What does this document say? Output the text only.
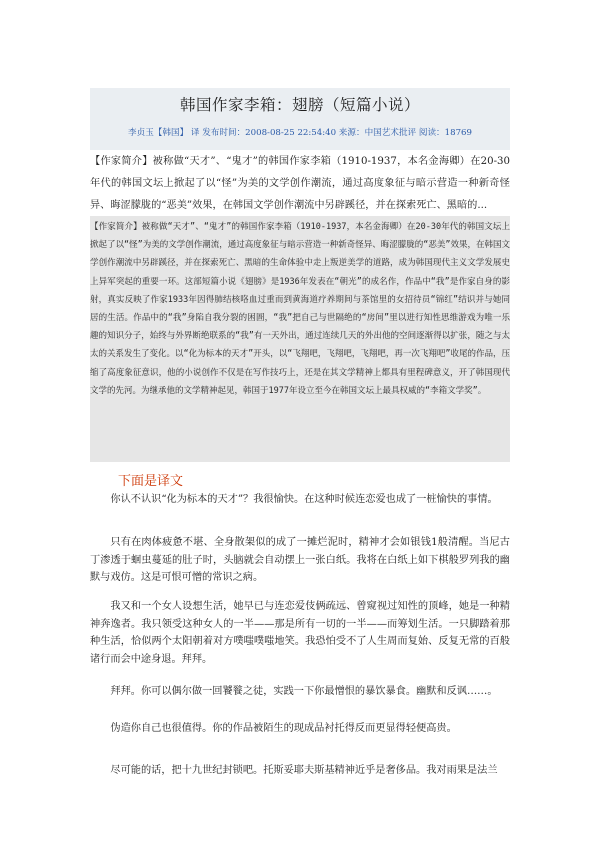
韩国作家李箱：翅膀（短篇小说）
李贞玉【韩国】 译 发布时间：2008-08-25 22:54:40 来源：中国艺术批评 阅读：18769
【作家简介】被称做“天才”、“鬼才”的韩国作家李箱（1910-1937，本名金海卿）在20-30年代的韩国文坛上掀起了以“怪”为美的文学创作潮流，通过高度象征与暗示营造一种新奇怪异、晦涩朦胧的“恶美”效果，在韩国文学创作潮流中另辟蹊径，并在探索死亡、黑暗的...
【作家简介】被称做“天才”、“鬼才”的韩国作家李箱（1910-1937，本名金海卿）在20-30年代的韩国文坛上掀起了以“怪”为美的文学创作潮流，通过高度象征与暗示营造一种新奇怪异、晦涩朦胧的“恶美”效果，在韩国文学创作潮流中另辟蹊径，并在探索死亡、黑暗的生命体验中走上叛逆美学的道路，成为韩国现代主义文学发展史上异军突起的重要一环。这部短篇小说《翅膀》是1936年发表在“朝光”的成名作，作品中“我”是作家自身的影射，真实反映了作家1933年因得肺结核咯血过重而到黄海道疗养期间与茶馆里的女招待员“锦红”结识并与她同居的生活。作品中的“我”身陷自我分裂的困圄，“我”把自己与世隔绝的“房间”里以进行知性思维游戏为唯一乐趣的知识分子，始终与外界断绝联系的“我”有一天外出，通过连续几天的外出他的空间逐渐得以扩张，随之与太太的关系发生了变化。以“化为标本的天才”开头，以“飞翔吧，飞翔吧，飞翔吧，再一次飞翔吧”收尾的作品，压缩了高度象征意识，他的小说创作不仅是在写作技巧上，还是在其文学精神上都具有里程碑意义，开了韩国现代文学的先河。为继承他的文学精神起见，韩国于1977年设立至今在韩国文坛上最具权威的“李箱文学奖”。
下面是译文
你认不认识“化为标本的天才”？我很愉快。在这种时候连恋爱也成了一桩愉快的事情。
只有在肉体疲惫不堪、全身散架似的成了一摊烂泥时，精神才会如银钱1般清醒。当尼古丁渗透于蛔虫蔓延的肚子时，头脑就会自动摆上一张白纸。我将在白纸上如下棋般罗列我的幽默与戏仿。这是可恨可憎的常识之病。
我又和一个女人设想生活，她早已与连恋爱伎俩疏远、曾窥视过知性的顶峰，她是一种精神奔逸者。我只领受这种女人的一半——那是所有一切的一半——而筹划生活。一只脚踏着那种生活，恰似两个太阳朝着对方噗嗤噗嗤地笑。我恐怕受不了人生周而复始、反复无常的百般诸行而会中途身退。拜拜。
拜拜。你可以偶尔做一回饕餮之徒，实践一下你最憎恨的暴饮暴食。幽默和反讽……。
伪造你自己也很值得。你的作品被陌生的现成品衬托得反而更显得轻便高贵。
尽可能的话，把十九世纪封锁吧。托斯妥耶夫斯基精神近乎是奢侈品。我对雨果是法兰
